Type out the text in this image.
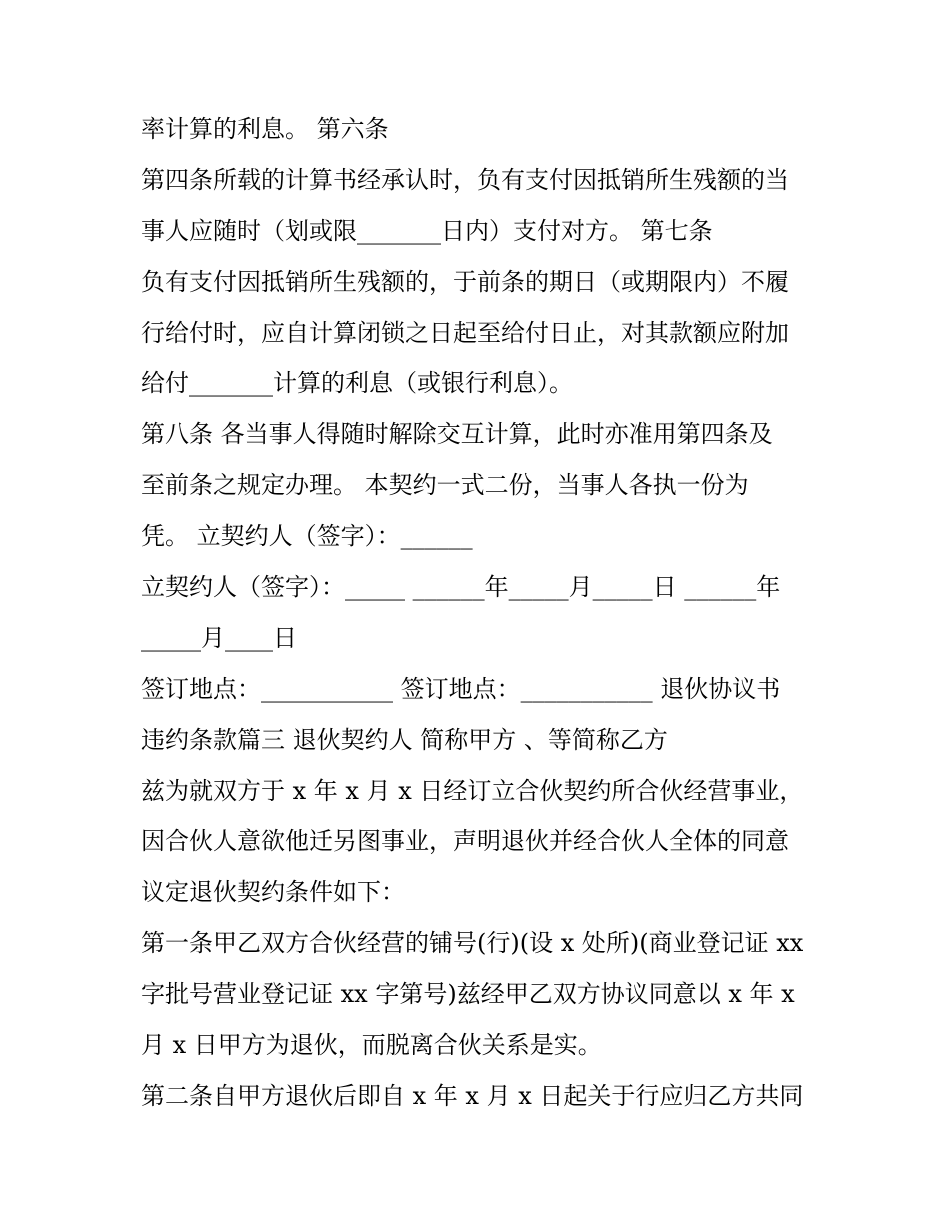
率计算的利息。 第六条
第四条所载的计算书经承认时，负有支付因抵销所生残额的当
事人应随时（划或限_______日内）支付对方。 第七条
负有支付因抵销所生残额的，于前条的期日（或期限内）不履
行给付时，应自计算闭锁之日起至给付日止，对其款额应附加
给付_______计算的利息（或银行利息）。
第八条 各当事人得随时解除交互计算，此时亦准用第四条及
至前条之规定办理。 本契约一式二份，当事人各执一份为
凭。 立契约人（签字）：______
立契约人（签字）：_____ ______年_____月_____日 ______年
_____月____日
签订地点：___________ 签订地点：___________ 退伙协议书
违约条款篇三 退伙契约人 简称甲方 、等简称乙方
兹为就双方于 x 年 x 月 x 日经订立合伙契约所合伙经营事业，
因合伙人意欲他迁另图事业，声明退伙并经合伙人全体的同意
议定退伙契约条件如下：
第一条甲乙双方合伙经营的铺号(行)(设 x 处所)(商业登记证 xx
字批号营业登记证 xx 字第号)兹经甲乙双方协议同意以 x 年 x
月 x 日甲方为退伙，而脱离合伙关系是实。
第二条自甲方退伙后即自 x 年 x 月 x 日起关于行应归乙方共同
